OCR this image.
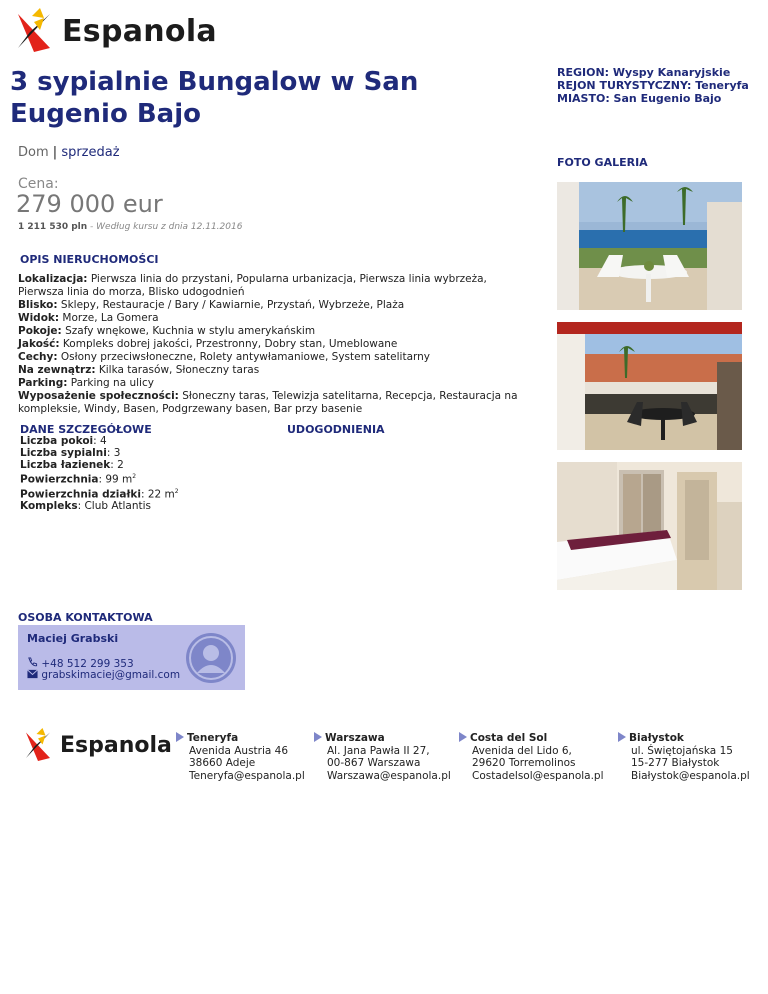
Espanola
3 sypialnie Bungalow w San Eugenio Bajo
REGION: Wyspy Kanaryjskie
REJON TURYSTYCZNY: Teneryfa
MIASTO: San Eugenio Bajo
Dom | sprzedaż
FOTO GALERIA
Cena:
279 000 eur
1 211 530 pln - Według kursu z dnia 12.11.2016
OPIS NIERUCHOMOŚCI

Lokalizacja: Pierwsza linia do przystani, Popularna urbanizacja, Pierwsza linia wybrzeża, Pierwsza linia do morza, Blisko udogodnień

Blisko: Sklepy, Restauracje / Bary / Kawiarnie, Przystań, Wybrzeże, Plaża

Widok: Morze, La Gomera

Pokoje: Szafy wnękowe, Kuchnia w stylu amerykańskim

Jakość: Kompleks dobrej jakości, Przestronny, Dobry stan, Umeblowane

Cechy: Osłony przeciwsłoneczne, Rolety antywłamaniowe, System satelitarny

Na zewnątrz: Kilka tarasów, Słoneczny taras

Parking: Parking na ulicy

Wyposażenie społeczności: Słoneczny taras, Telewizja satelitarna, Recepcja, Restauracja na kompleksie, Windy, Basen, Podgrzewany basen, Bar przy basenie

DANE SZCZEGÓŁOWE	UDOGODNIENIA

Liczba pokoi: 4

Liczba sypialni: 3

Liczba łazienek: 2

Powierzchnia: 99 $m^2$

Powierzchnia działki: 22 $m^2$

Kompleks: Club Atlantis

OSOBA KONTAKTOWA
Maciej Grabski
+48 512 299 353
grabskimaciej@gmail.com
Espanola	Teneryfa
Avenida Austria 46
38660 Adeje
Teneryfa@espanola.pl
Warszawa
Al. Jana Pawła II 27,
00-867 Warszawa
Warszawa@espanola.pl
Costa del Sol
Avenida del Lido 6,
29620 Torremolinos
Costadelsol@espanola.pl
Białystok
ul. Świętojańska 15
15-277 Białystok
Białystok@espanola.pl
